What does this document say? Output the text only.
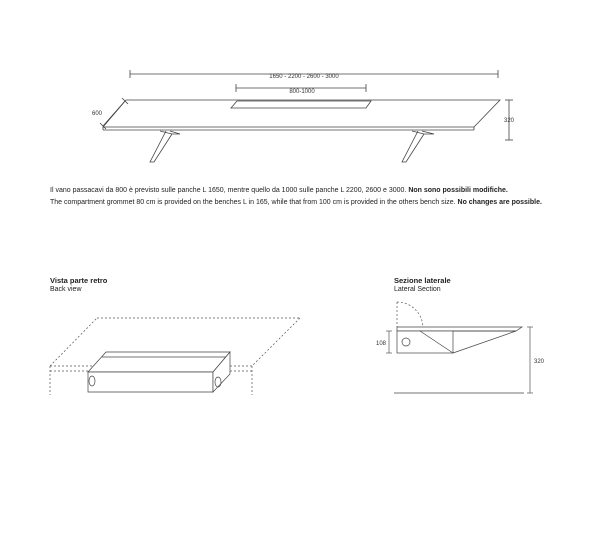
1650 - 2200 - 2600 - 3000
800-1000
600
320
108
320
Il vano passacavi da 800 è previsto sulle panche L 1650, mentre quello da 1000 sulle panche L 2200, 2600 e 3000. Non sono possibili modifiche.
The compartment grommet 80 cm is provided on the benches L in 165, while that from 100 cm is provided in the others bench size. No changes are possible.
Vista parte retro
Back view
Sezione laterale
Lateral Section
